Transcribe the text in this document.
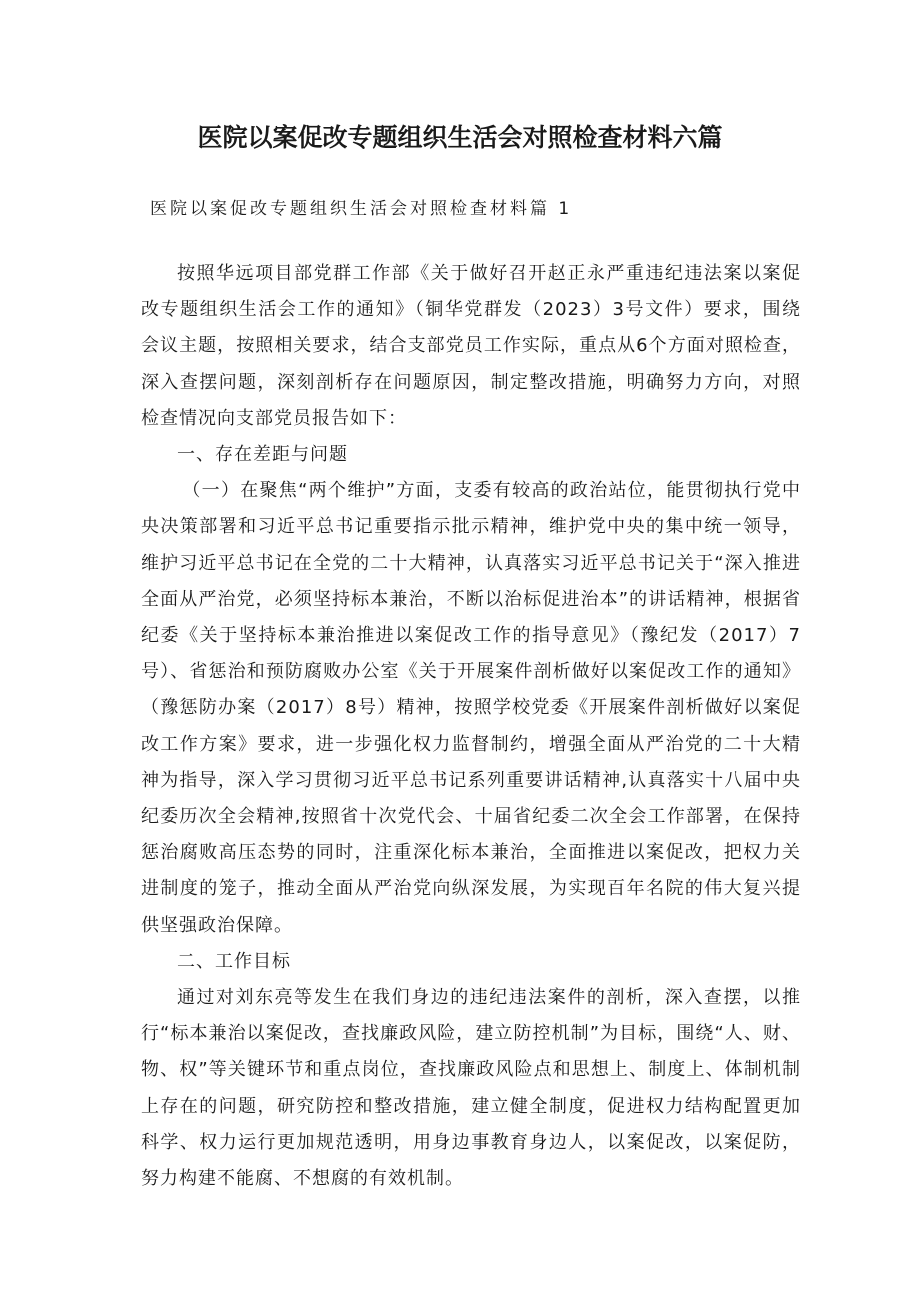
医院以案促改专题组织生活会对照检查材料六篇

医院以案促改专题组织生活会对照检查材料篇 1

按照华远项目部党群工作部《关于做好召开赵正永严重违纪违法案以案促改专题组织生活会工作的通知》（铜华党群发（2023）3号文件）要求，围绕会议主题，按照相关要求，结合支部党员工作实际，重点从6个方面对照检查，深入查摆问题，深刻剖析存在问题原因，制定整改措施，明确努力方向，对照检查情况向支部党员报告如下：

一、存在差距与问题

（一）在聚焦“两个维护”方面，支委有较高的政治站位，能贯彻执行党中央决策部署和习近平总书记重要指示批示精神，维护党中央的集中统一领导，维护习近平总书记在全党的二十大精神，认真落实习近平总书记关于“深入推进全面从严治党，必须坚持标本兼治，不断以治标促进治本”的讲话精神，根据省纪委《关于坚持标本兼治推进以案促改工作的指导意见》（豫纪发（2017）7号）、省惩治和预防腐败办公室《关于开展案件剖析做好以案促改工作的通知》（豫惩防办案（2017）8号）精神，按照学校党委《开展案件剖析做好以案促改工作方案》要求，进一步强化权力监督制约，增强全面从严治党的二十大精神为指导，深入学习贯彻习近平总书记系列重要讲话精神,认真落实十八届中央纪委历次全会精神,按照省十次党代会、十届省纪委二次全会工作部署，在保持惩治腐败高压态势的同时，注重深化标本兼治，全面推进以案促改，把权力关进制度的笼子，推动全面从严治党向纵深发展，为实现百年名院的伟大复兴提供坚强政治保障。

二、工作目标

通过对刘东亮等发生在我们身边的违纪违法案件的剖析，深入查摆，以推行“标本兼治以案促改，查找廉政风险，建立防控机制”为目标，围绕“人、财、物、权”等关键环节和重点岗位，查找廉政风险点和思想上、制度上、体制机制上存在的问题，研究防控和整改措施，建立健全制度，促进权力结构配置更加科学、权力运行更加规范透明，用身边事教育身边人，以案促改，以案促防，努力构建不能腐、不想腐的有效机制。
